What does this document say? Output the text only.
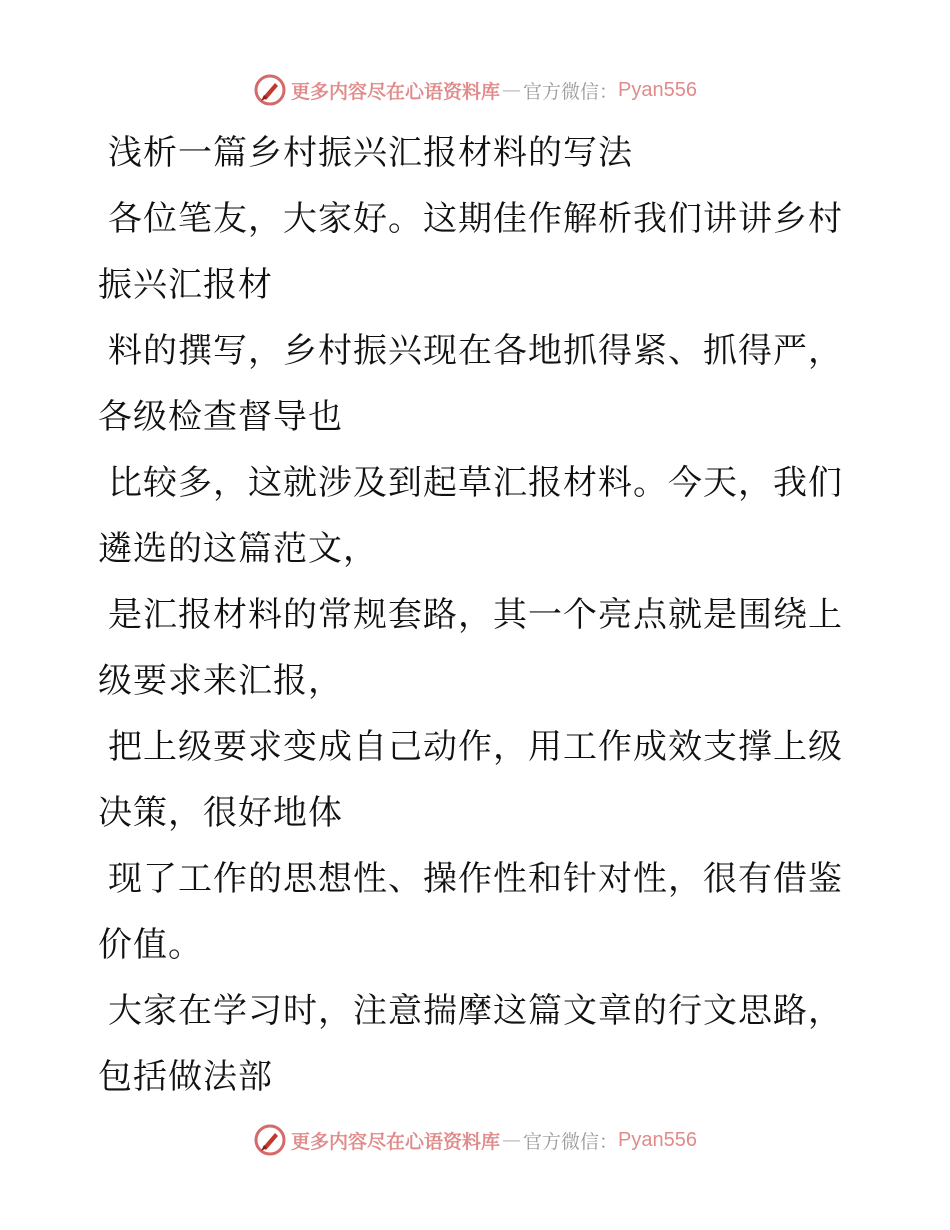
更多内容尽在心语资料库 — 官方微信： Pyan556
浅析一篇乡村振兴汇报材料的写法
各位笔友，大家好。这期佳作解析我们讲讲乡村
振兴汇报材
料的撰写，乡村振兴现在各地抓得紧、抓得严，
各级检查督导也
比较多，这就涉及到起草汇报材料。今天，我们
遴选的这篇范文，
是汇报材料的常规套路，其一个亮点就是围绕上
级要求来汇报，
把上级要求变成自己动作，用工作成效支撑上级
决策，很好地体
现了工作的思想性、操作性和针对性，很有借鉴
价值。
大家在学习时，注意揣摩这篇文章的行文思路，
包括做法部
更多内容尽在心语资料库 — 官方微信： Pyan556
